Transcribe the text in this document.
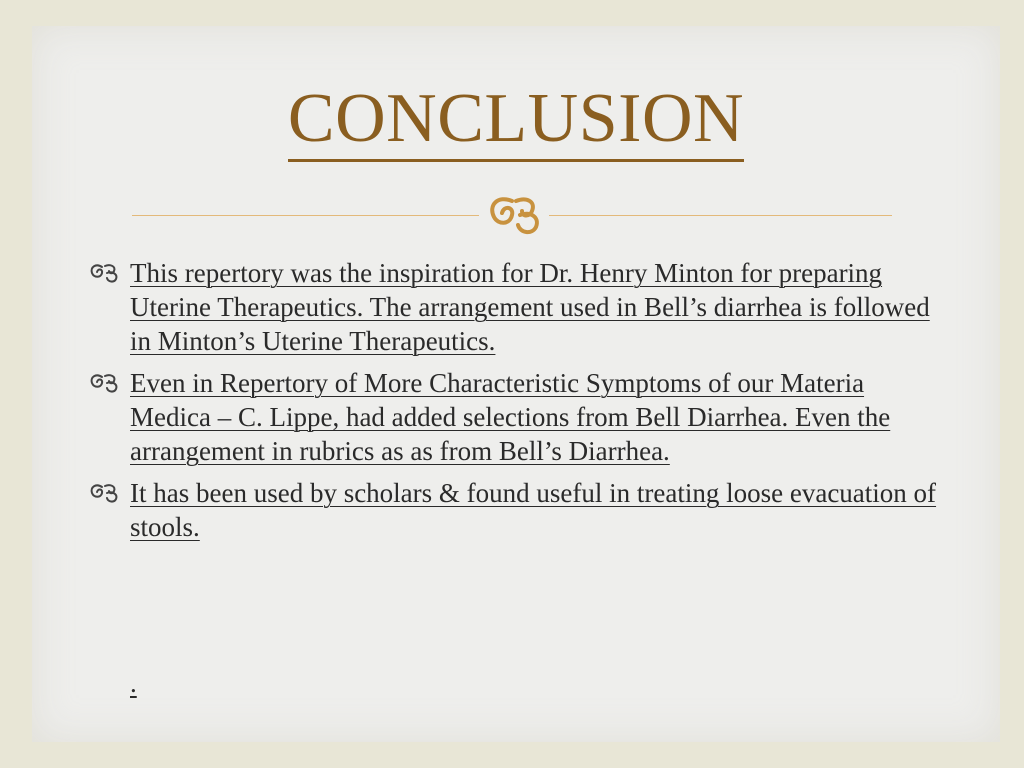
CONCLUSION
This repertory was the inspiration for Dr. Henry Minton for preparing Uterine Therapeutics. The arrangement used in Bell’s diarrhea is followed in Minton’s Uterine Therapeutics.
Even in Repertory of More Characteristic Symptoms of our Materia Medica – C. Lippe, had added selections from Bell Diarrhea. Even the arrangement in rubrics as as from Bell’s Diarrhea.
It has been used by scholars & found useful in treating loose evacuation of stools.
.
